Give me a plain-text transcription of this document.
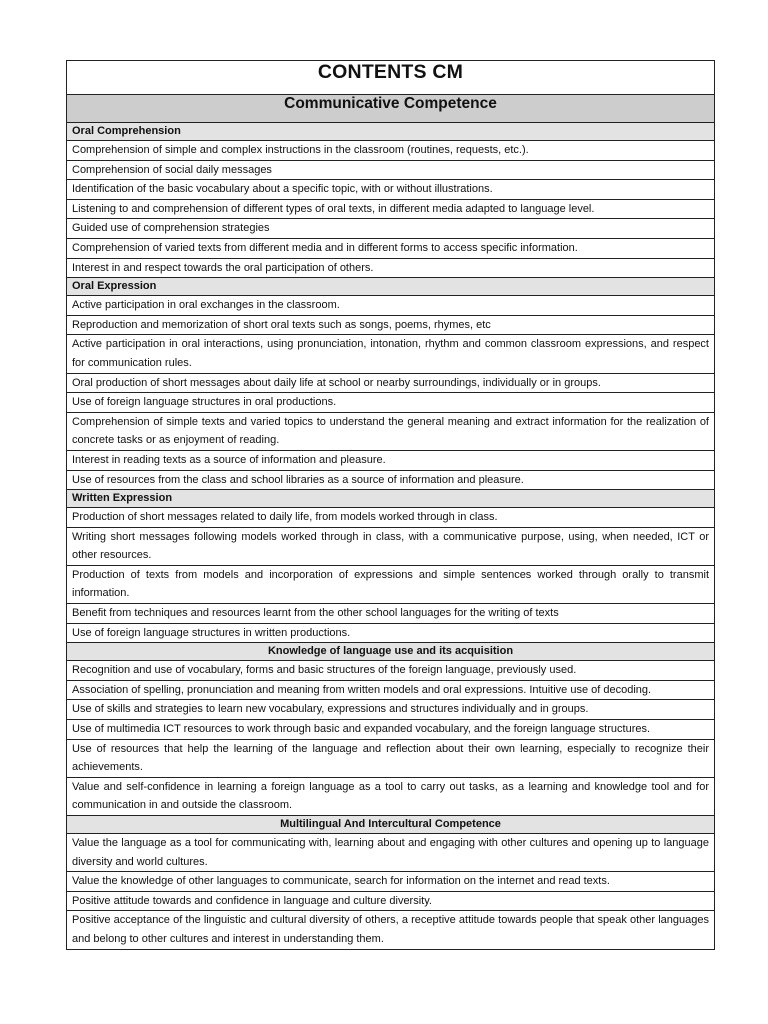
CONTENTS CM
Communicative Competence
Oral Comprehension
Comprehension of simple and complex instructions in the classroom (routines, requests, etc.).
Comprehension of social daily messages
Identification of the basic vocabulary about a specific topic, with or without illustrations.
Listening to and comprehension of different types of oral texts, in different media adapted to language level.
Guided use of comprehension strategies
Comprehension of varied texts from different media and in different forms to access specific information.
Interest in and respect towards the oral participation of others.
Oral Expression
Active participation in oral exchanges in the classroom.
Reproduction and memorization of short oral texts such as songs, poems, rhymes, etc
Active participation in oral interactions, using pronunciation, intonation, rhythm and common classroom expressions, and respect for communication rules.
Oral production of short messages about daily life at school or nearby surroundings, individually or in groups.
Use of foreign language structures in oral productions.
Comprehension of simple texts and varied topics to understand the general meaning and extract information for the realization of concrete tasks or as enjoyment of reading.
Interest in reading texts as a source of information and pleasure.
Use of resources from the class and school libraries as a source of information and pleasure.
Written Expression
Production of short messages related to daily life, from models worked through in class.
Writing short messages following models worked through in class, with a communicative purpose, using, when needed, ICT or other resources.
Production of texts from models and incorporation of expressions and simple sentences worked through orally to transmit information.
Benefit from techniques and resources learnt from the other school languages for the writing of texts
Use of foreign language structures in written productions.
Knowledge of language use and its acquisition
Recognition and use of vocabulary, forms and basic structures of the foreign language, previously used.
Association of spelling, pronunciation and meaning from written models and oral expressions. Intuitive use of decoding.
Use of skills and strategies to learn new vocabulary, expressions and structures individually and in groups.
Use of multimedia ICT resources to work through basic and expanded vocabulary, and the foreign language structures.
Use of resources that help the learning of the language and reflection about their own learning, especially to recognize their achievements.
Value and self-confidence in learning a foreign language as a tool to carry out tasks, as a learning and knowledge tool and for communication in and outside the classroom.
Multilingual And Intercultural Competence
Value the language as a tool for communicating with, learning about and engaging with other cultures and opening up to language diversity and world cultures.
Value the knowledge of other languages to communicate, search for information on the internet and read texts.
Positive attitude towards and confidence in language and culture diversity.
Positive acceptance of the linguistic and cultural diversity of others, a receptive attitude towards people that speak other languages and belong to other cultures and interest in understanding them.
